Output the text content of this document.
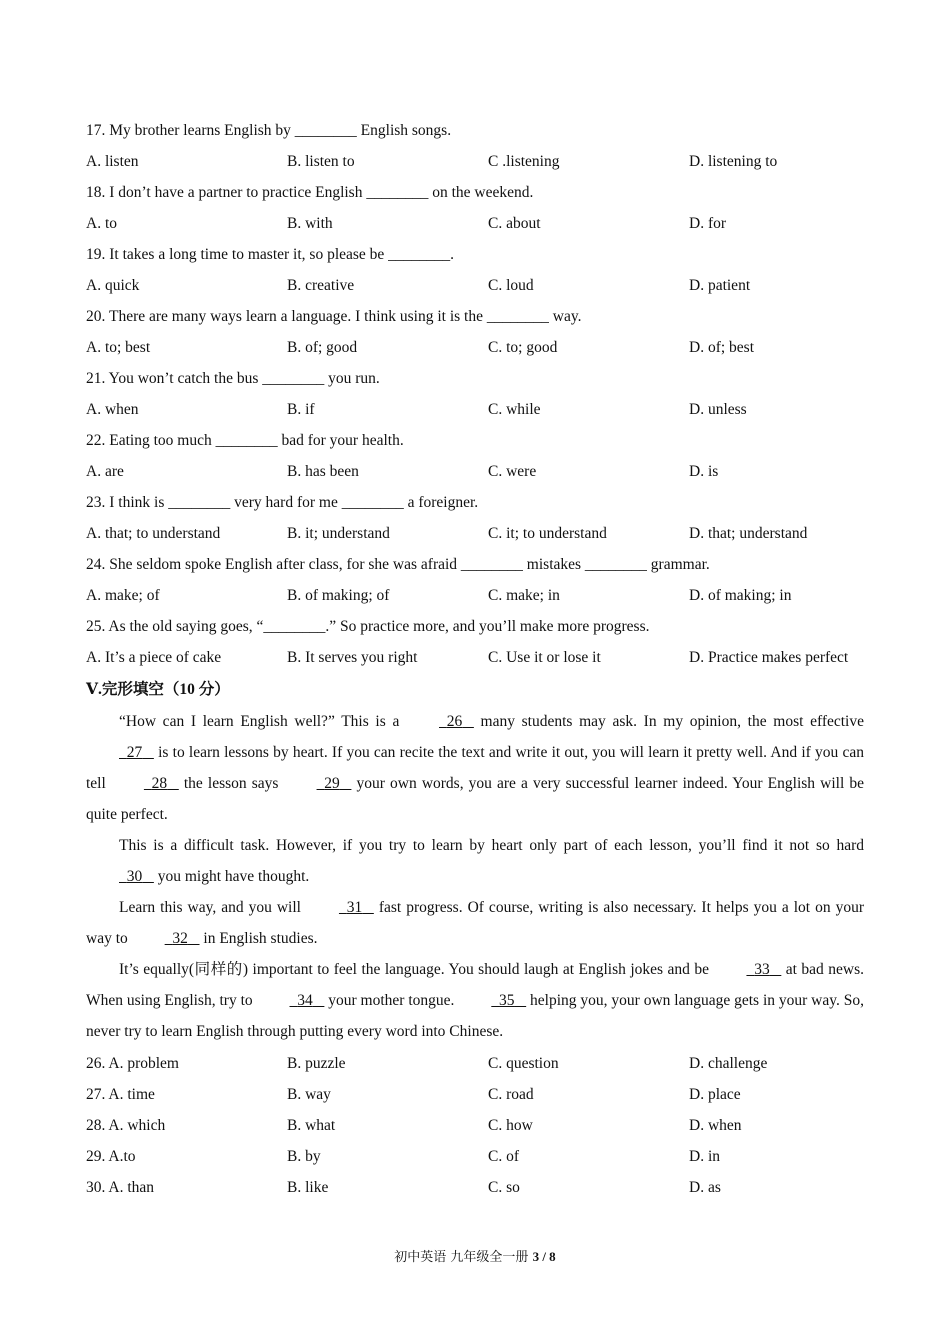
17. My brother learns English by ________ English songs.
A. listen	B. listen to	C .listening	D. listening to
18. I don’t have a partner to practice English ________ on the weekend.
A. to	B. with	C. about	D. for
19. It takes a long time to master it, so please be ________.
A. quick	B. creative	C. loud	D. patient
20. There are many ways learn a language. I think using it is the ________ way.
A. to; best	B. of; good	C. to; good	D. of; best
21. You won’t catch the bus ________ you run.
A. when	B. if	C. while	D. unless
22. Eating too much ________ bad for your health.
A. are	B. has been	C. were	D. is
23. I think is ________ very hard for me ________ a foreigner.
A. that; to understand	B. it; understand	C. it; to understand	D. that; understand
24. She seldom spoke English after class, for she was afraid ________ mistakes ________ grammar.
A. make; of	B. of making; of	C. make; in	D. of making; in
25. As the old saying goes, “________.” So practice more, and you’ll make more progress.
A. It’s a piece of cake	B. It serves you right	C. Use it or lose it	D. Practice makes perfect
Ⅴ.完形填空（10 分）

“How can I learn English well?” This is a	26    many students may ask. In my opinion, the most effective   27    is to learn lessons by heart. If you can recite the text and write it out, you will learn it pretty well. And if you can tell	28    the lesson says	29    your own words, you are a very successful learner indeed. Your English will be quite perfect.

This is a difficult task. However, if you try to learn by heart only part of each lesson, you’ll find it not so hard   30    you might have thought.

Learn this way, and you will	31    fast progress. Of course, writing is also necessary. It helps you a lot on your way to	32    in English studies.

It’s equally(同样的) important to feel the language. You should laugh at English jokes and be	33    at bad news. When using English, try to	34    your mother tongue.	35    helping you, your own language gets in your way. So, never try to learn English through putting every word into Chinese.

26. A. problem	B. puzzle	C. question	D. challenge
27. A. time	B. way	C. road	D. place
28. A. which	B. what	C. how	D. when
29. A.to	B. by	C. of	D. in
30. A. than	B. like	C. so	D. as
初中英语 九年级全一册 3 / 8
